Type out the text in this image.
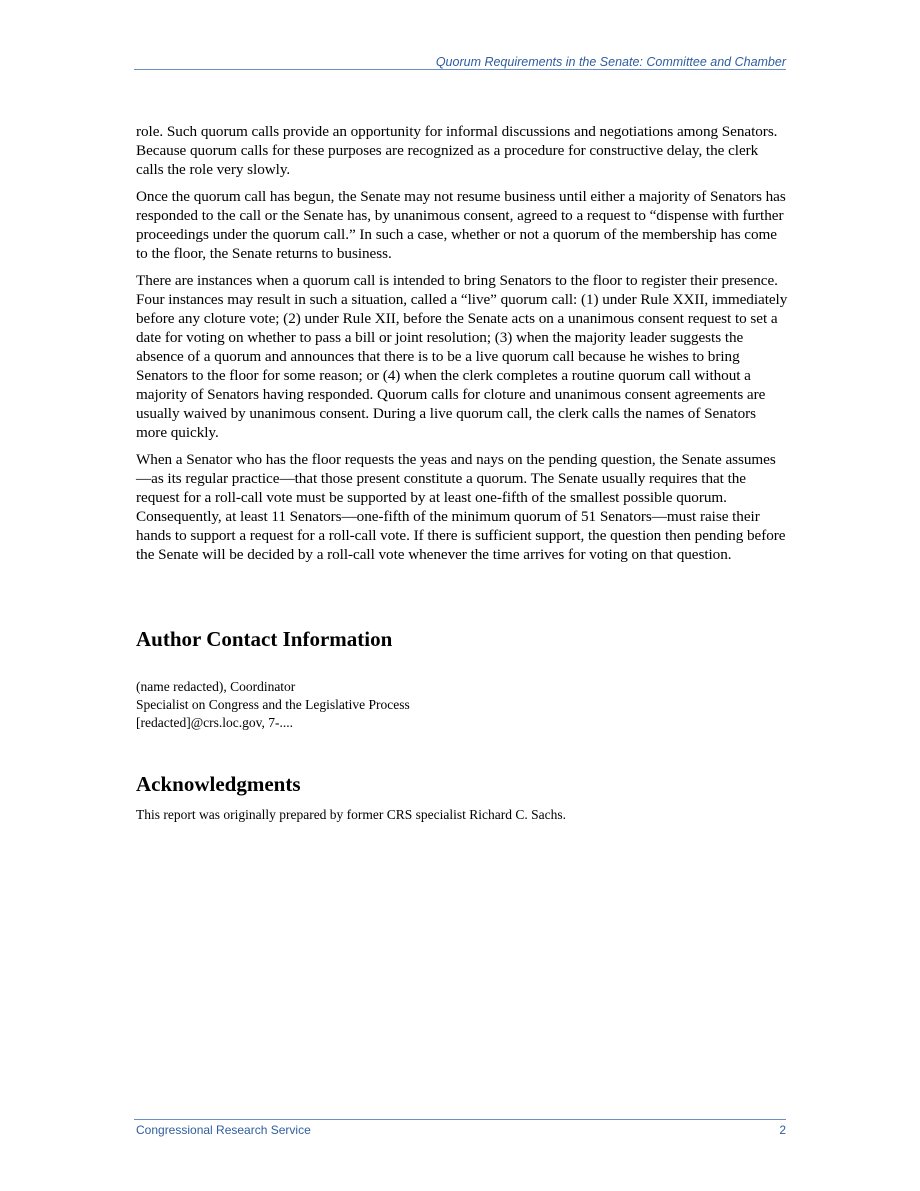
Quorum Requirements in the Senate: Committee and Chamber

role. Such quorum calls provide an opportunity for informal discussions and negotiations among Senators. Because quorum calls for these purposes are recognized as a procedure for constructive delay, the clerk calls the role very slowly.

Once the quorum call has begun, the Senate may not resume business until either a majority of Senators has responded to the call or the Senate has, by unanimous consent, agreed to a request to “dispense with further proceedings under the quorum call.” In such a case, whether or not a quorum of the membership has come to the floor, the Senate returns to business.

There are instances when a quorum call is intended to bring Senators to the floor to register their presence. Four instances may result in such a situation, called a “live” quorum call: (1) under Rule XXII, immediately before any cloture vote; (2) under Rule XII, before the Senate acts on a unanimous consent request to set a date for voting on whether to pass a bill or joint resolution; (3) when the majority leader suggests the absence of a quorum and announces that there is to be a live quorum call because he wishes to bring Senators to the floor for some reason; or (4) when the clerk completes a routine quorum call without a majority of Senators having responded. Quorum calls for cloture and unanimous consent agreements are usually waived by unanimous consent. During a live quorum call, the clerk calls the names of Senators more quickly.

When a Senator who has the floor requests the yeas and nays on the pending question, the Senate assumes—as its regular practice—that those present constitute a quorum. The Senate usually requires that the request for a roll-call vote must be supported by at least one-fifth of the smallest possible quorum. Consequently, at least 11 Senators—one-fifth of the minimum quorum of 51 Senators—must raise their hands to support a request for a roll-call vote. If there is sufficient support, the question then pending before the Senate will be decided by a roll-call vote whenever the time arrives for voting on that question.

Author Contact Information
(name redacted), Coordinator
Specialist on Congress and the Legislative Process
[redacted]@crs.loc.gov, 7-....
Acknowledgments

This report was originally prepared by former CRS specialist Richard C. Sachs.

Congressional Research Service	2
